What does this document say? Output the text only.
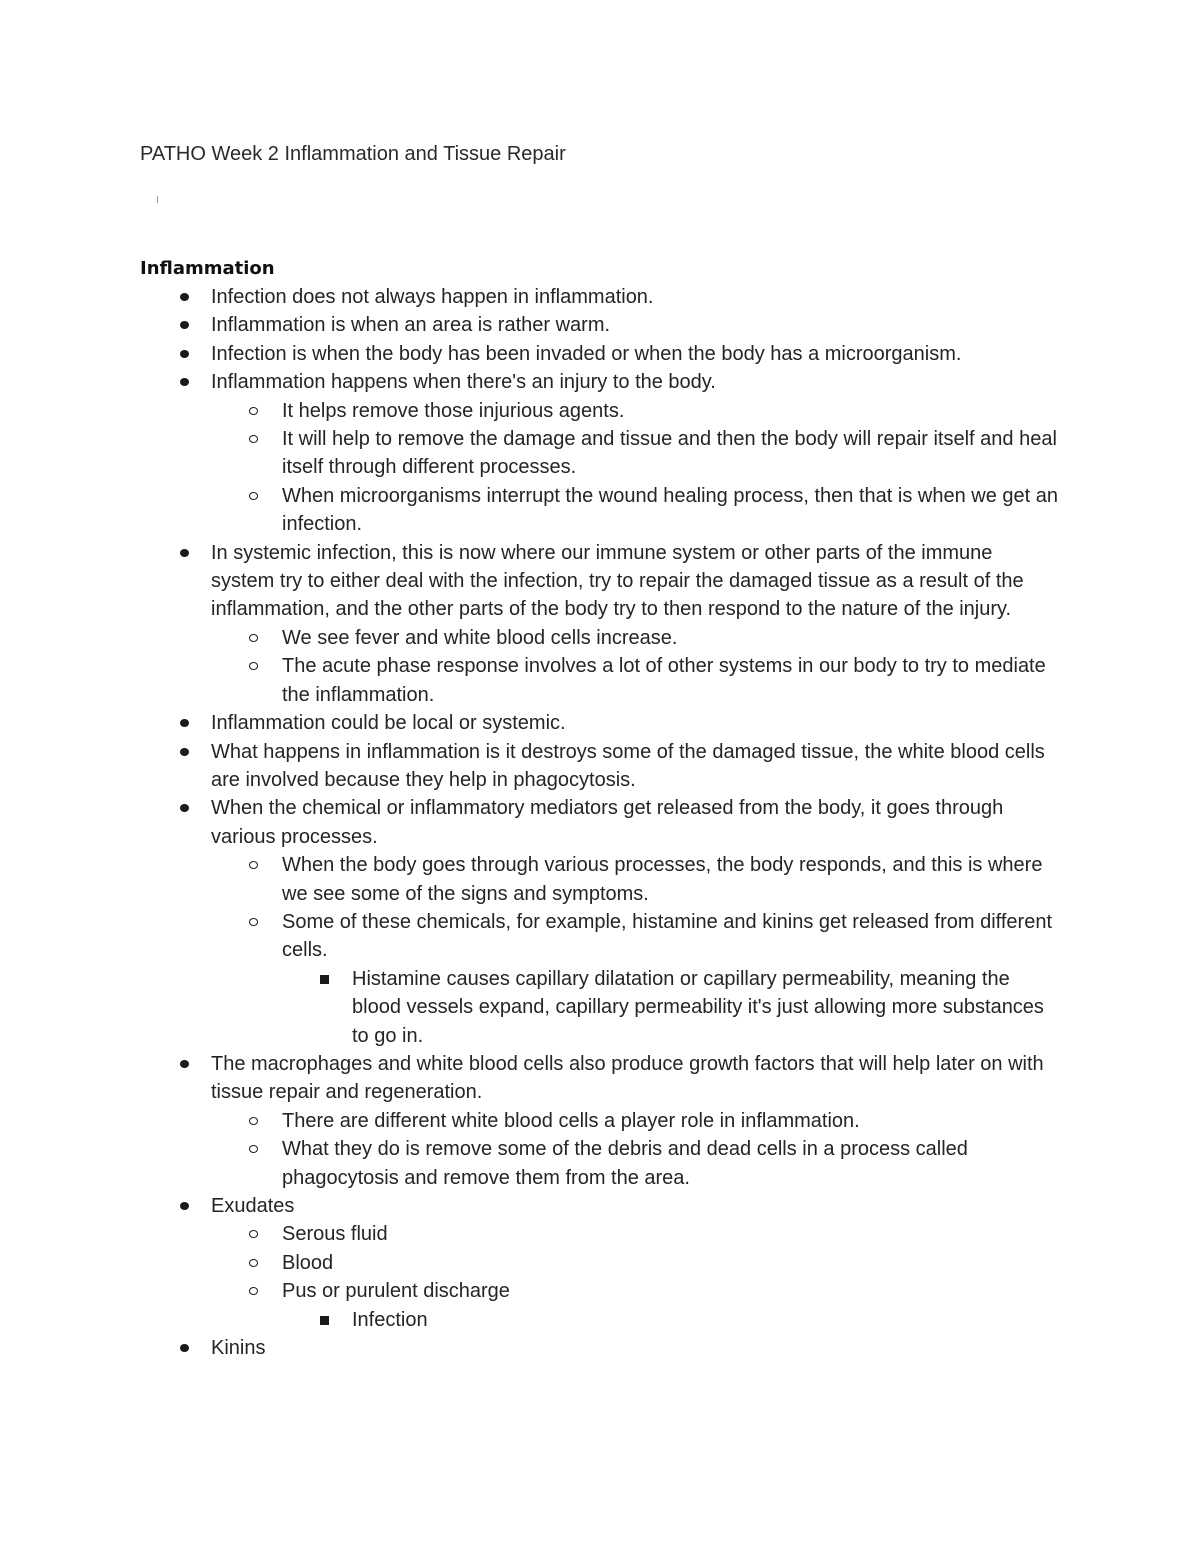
PATHO Week 2 Inflammation and Tissue Repair
Inflammation
Infection does not always happen in inflammation.
Inflammation is when an area is rather warm.
Infection is when the body has been invaded or when the body has a microorganism.
Inflammation happens when there's an injury to the body.
It helps remove those injurious agents.
It will help to remove the damage and tissue and then the body will repair itself and heal itself through different processes.
When microorganisms interrupt the wound healing process, then that is when we get an infection.
In systemic infection, this is now where our immune system or other parts of the immune system try to either deal with the infection, try to repair the damaged tissue as a result of the inflammation, and the other parts of the body try to then respond to the nature of the injury.
We see fever and white blood cells increase.
The acute phase response involves a lot of other systems in our body to try to mediate the inflammation.
Inflammation could be local or systemic.
What happens in inflammation is it destroys some of the damaged tissue, the white blood cells are involved because they help in phagocytosis.
When the chemical or inflammatory mediators get released from the body, it goes through various processes.
When the body goes through various processes, the body responds, and this is where we see some of the signs and symptoms.
Some of these chemicals, for example, histamine and kinins get released from different cells.
Histamine causes capillary dilatation or capillary permeability, meaning the blood vessels expand, capillary permeability it's just allowing more substances to go in.
The macrophages and white blood cells also produce growth factors that will help later on with tissue repair and regeneration.
There are different white blood cells a player role in inflammation.
What they do is remove some of the debris and dead cells in a process called phagocytosis and remove them from the area.
Exudates
Serous fluid
Blood
Pus or purulent discharge
Infection
Kinins
